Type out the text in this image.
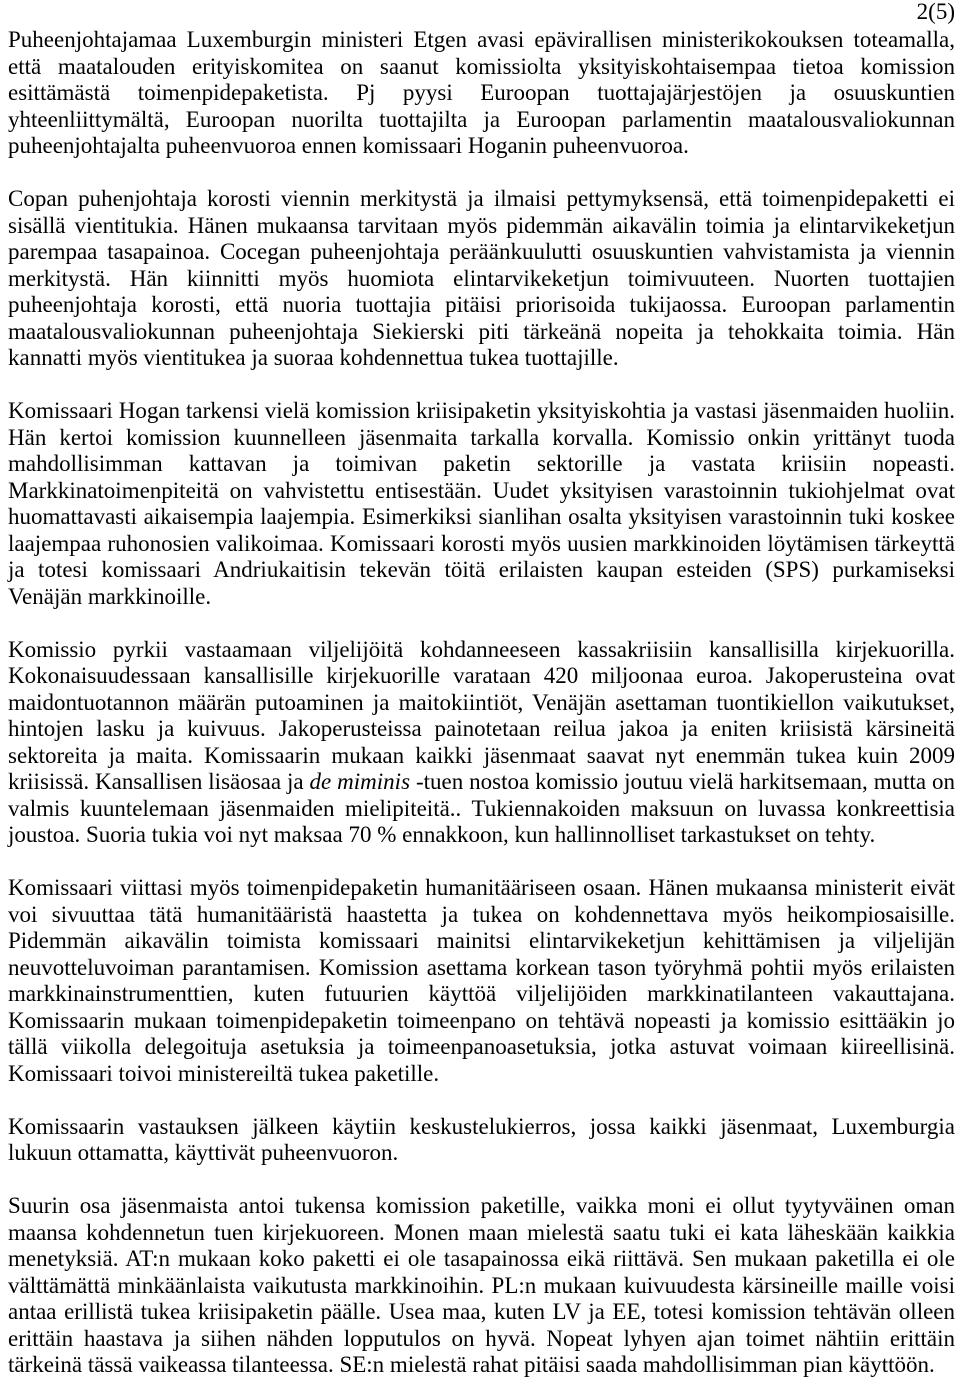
2(5)
Puheenjohtajamaa Luxemburgin ministeri Etgen avasi epävirallisen ministerikokouksen toteamalla,
että maatalouden erityiskomitea on saanut komissiolta yksityiskohtaisempaa tietoa komission
esittämästä toimenpidepaketista. Pj pyysi Euroopan tuottajajärjestöjen ja osuuskuntien
yhteenliittymältä, Euroopan nuorilta tuottajilta ja Euroopan parlamentin maatalousvaliokunnan
puheenjohtajalta puheenvuoroa ennen komissaari Hoganin puheenvuoroa.
Copan puhenjohtaja korosti viennin merkitystä ja ilmaisi pettymyksensä, että toimenpidepaketti ei
sisällä vientitukia. Hänen mukaansa tarvitaan myös pidemmän aikavälin toimia ja elintarvikeketjun
parempaa tasapainoa. Cocegan puheenjohtaja peräänkuulutti osuuskuntien vahvistamista ja viennin
merkitystä. Hän kiinnitti myös huomiota elintarvikeketjun toimivuuteen. Nuorten tuottajien
puheenjohtaja korosti, että nuoria tuottajia pitäisi priorisoida tukijaossa. Euroopan parlamentin
maatalousvaliokunnan puheenjohtaja Siekierski piti tärkeänä nopeita ja tehokkaita toimia. Hän
kannatti myös vientitukea ja suoraa kohdennettua tukea tuottajille.
Komissaari Hogan tarkensi vielä komission kriisipaketin yksityiskohtia ja vastasi jäsenmaiden huoliin.
Hän kertoi komission kuunnelleen jäsenmaita tarkalla korvalla. Komissio onkin yrittänyt tuoda
mahdollisimman kattavan ja toimivan paketin sektorille ja vastata kriisiin nopeasti.
Markkinatoimenpiteitä on vahvistettu entisestään. Uudet yksityisen varastoinnin tukiohjelmat ovat
huomattavasti aikaisempia laajempia. Esimerkiksi sianlihan osalta yksityisen varastoinnin tuki koskee
laajempaa ruhonosien valikoimaa. Komissaari korosti myös uusien markkinoiden löytämisen tärkeyttä
ja totesi komissaari Andriukaitisin tekevän töitä erilaisten kaupan esteiden (SPS) purkamiseksi
Venäjän markkinoille.
Komissio pyrkii vastaamaan viljelijöitä kohdanneeseen kassakriisiin kansallisilla kirjekuorilla.
Kokonaisuudessaan kansallisille kirjekuorille varataan 420 miljoonaa euroa. Jakoperusteina ovat
maidontuotannon määrän putoaminen ja maitokiintiöt, Venäjän asettaman tuontikiellon vaikutukset,
hintojen lasku ja kuivuus. Jakoperusteissa painotetaan reilua jakoa ja eniten kriisistä kärsineitä
sektoreita ja maita. Komissaarin mukaan kaikki jäsenmaat saavat nyt enemmän tukea kuin 2009
kriisissä. Kansallisen lisäosaa ja de miminis -tuen nostoa komissio joutuu vielä harkitsemaan, mutta on
valmis kuuntelemaan jäsenmaiden mielipiteitä.. Tukiennakoiden maksuun on luvassa konkreettisia
joustoa. Suoria tukia voi nyt maksaa 70 % ennakkoon, kun hallinnolliset tarkastukset on tehty.
Komissaari viittasi myös toimenpidepaketin humanitääriseen osaan. Hänen mukaansa ministerit eivät
voi sivuuttaa tätä humanitääristä haastetta ja tukea on kohdennettava myös heikompiosaisille.
Pidemmän aikavälin toimista komissaari mainitsi elintarvikeketjun kehittämisen ja viljelijän
neuvotteluvoiman parantamisen. Komission asettama korkean tason työryhmä pohtii myös erilaisten
markkinainstrumenttien, kuten futuurien käyttöä viljelijöiden markkinatilanteen vakauttajana.
Komissaarin mukaan toimenpidepaketin toimeenpano on tehtävä nopeasti ja komissio esittääkin jo
tällä viikolla delegoituja asetuksia ja toimeenpanoasetuksia, jotka astuvat voimaan kiireellisinä.
Komissaari toivoi ministereiltä tukea paketille.
Komissaarin vastauksen jälkeen käytiin keskustelukierros, jossa kaikki jäsenmaat, Luxemburgia
lukuun ottamatta, käyttivät puheenvuoron.
Suurin osa jäsenmaista antoi tukensa komission paketille, vaikka moni ei ollut tyytyväinen oman
maansa kohdennetun tuen kirjekuoreen. Monen maan mielestä saatu tuki ei kata läheskään kaikkia
menetyksiä. AT:n mukaan koko paketti ei ole tasapainossa eikä riittävä. Sen mukaan paketilla ei ole
välttämättä minkäänlaista vaikutusta markkinoihin. PL:n mukaan kuivuudesta kärsineille maille voisi
antaa erillistä tukea kriisipaketin päälle. Usea maa, kuten LV ja EE, totesi komission tehtävän olleen
erittäin haastava ja siihen nähden lopputulos on hyvä. Nopeat lyhyen ajan toimet nähtiin erittäin
tärkeinä tässä vaikeassa tilanteessa. SE:n mielestä rahat pitäisi saada mahdollisimman pian käyttöön.
